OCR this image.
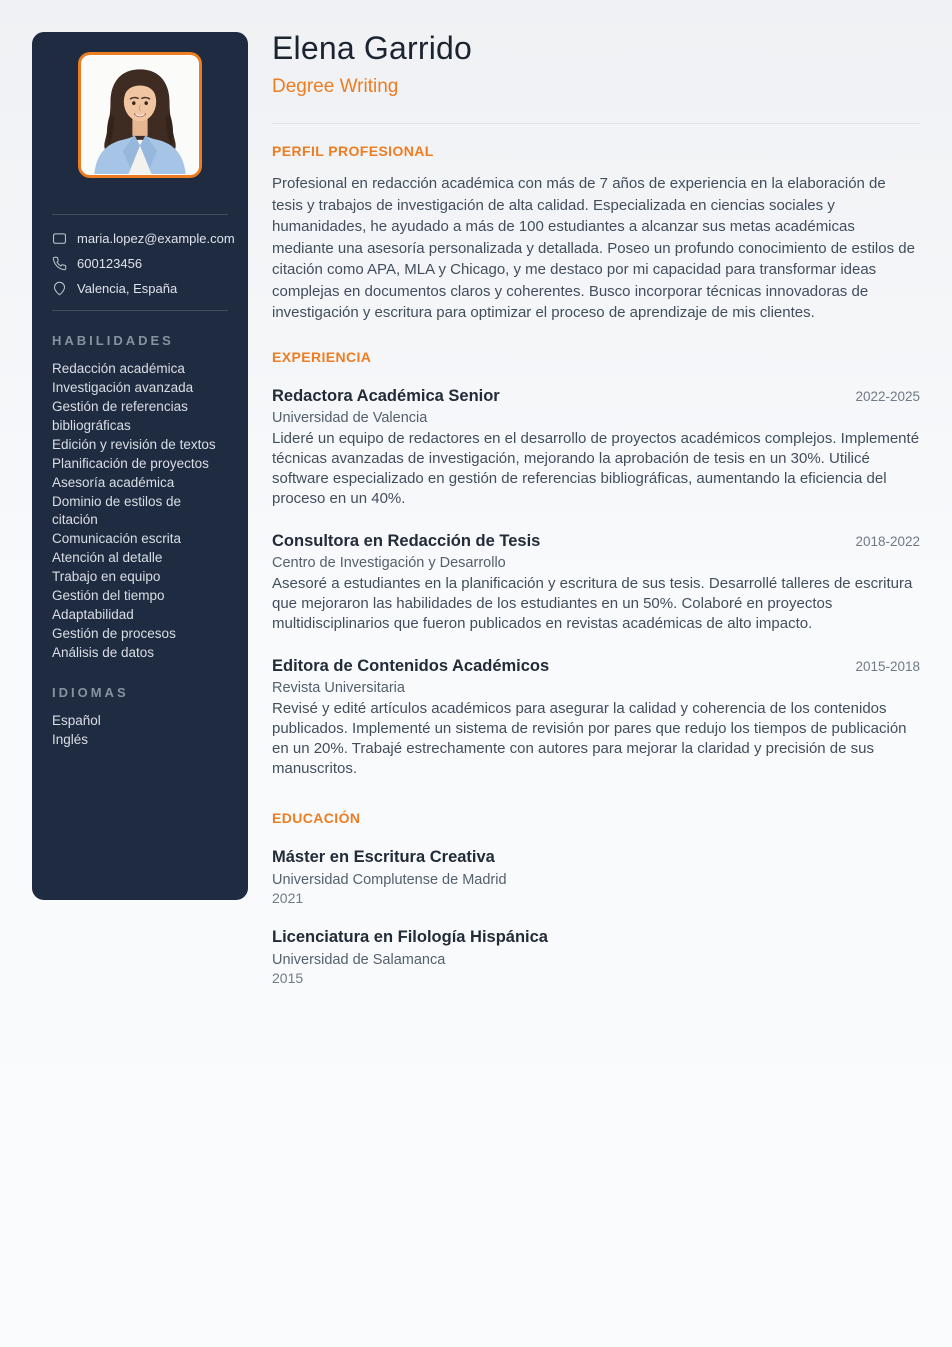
maria.lopez@example.com
600123456
Valencia, España
HABILIDADES
Redacción académica
Investigación avanzada
Gestión de referencias bibliográficas
Edición y revisión de textos
Planificación de proyectos
Asesoría académica
Dominio de estilos de citación
Comunicación escrita
Atención al detalle
Trabajo en equipo
Gestión del tiempo
Adaptabilidad
Gestión de procesos
Análisis de datos
IDIOMAS
Español
Inglés
Elena Garrido
Degree Writing
PERFIL PROFESIONAL

Profesional en redacción académica con más de 7 años de experiencia en la elaboración de tesis y trabajos de investigación de alta calidad. Especializada en ciencias sociales y humanidades, he ayudado a más de 100 estudiantes a alcanzar sus metas académicas mediante una asesoría personalizada y detallada. Poseo un profundo conocimiento de estilos de citación como APA, MLA y Chicago, y me destaco por mi capacidad para transformar ideas complejas en documentos claros y coherentes. Busco incorporar técnicas innovadoras de investigación y escritura para optimizar el proceso de aprendizaje de mis clientes.

EXPERIENCIA
Redactora Académica Senior	2022-2025
Universidad de Valencia

Lideré un equipo de redactores en el desarrollo de proyectos académicos complejos. Implementé técnicas avanzadas de investigación, mejorando la aprobación de tesis en un 30%. Utilicé software especializado en gestión de referencias bibliográficas, aumentando la eficiencia del proceso en un 40%.

Consultora en Redacción de Tesis	2018-2022
Centro de Investigación y Desarrollo

Asesoré a estudiantes en la planificación y escritura de sus tesis. Desarrollé talleres de escritura que mejoraron las habilidades de los estudiantes en un 50%. Colaboré en proyectos multidisciplinarios que fueron publicados en revistas académicas de alto impacto.

Editora de Contenidos Académicos	2015-2018
Revista Universitaria

Revisé y edité artículos académicos para asegurar la calidad y coherencia de los contenidos publicados. Implementé un sistema de revisión por pares que redujo los tiempos de publicación en un 20%. Trabajé estrechamente con autores para mejorar la claridad y precisión de sus manuscritos.

EDUCACIÓN
Máster en Escritura Creativa
Universidad Complutense de Madrid
2021
Licenciatura en Filología Hispánica
Universidad de Salamanca
2015
